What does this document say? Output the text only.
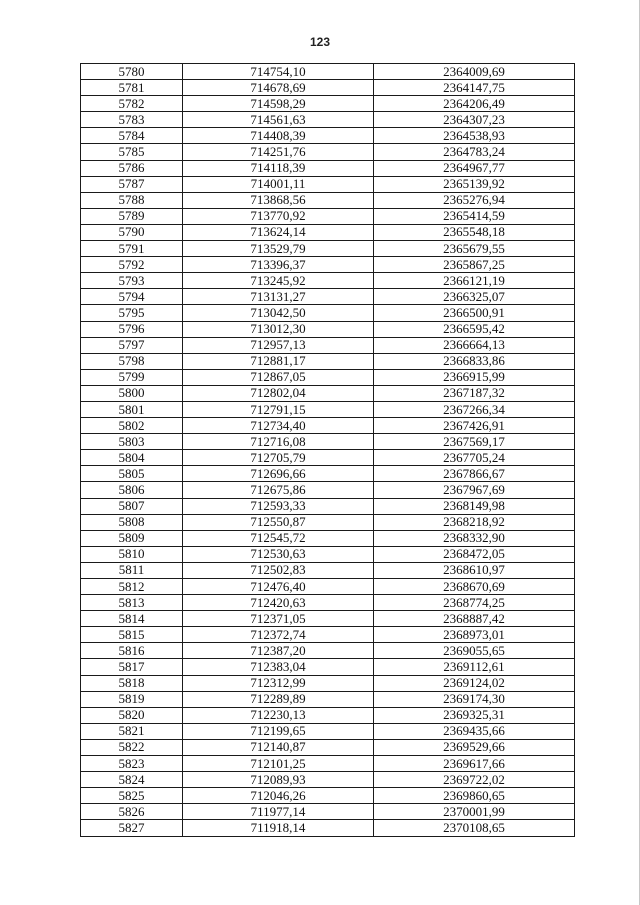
123
5780	714754,10	2364009,69
5781	714678,69	2364147,75
5782	714598,29	2364206,49
5783	714561,63	2364307,23
5784	714408,39	2364538,93
5785	714251,76	2364783,24
5786	714118,39	2364967,77
5787	714001,11	2365139,92
5788	713868,56	2365276,94
5789	713770,92	2365414,59
5790	713624,14	2365548,18
5791	713529,79	2365679,55
5792	713396,37	2365867,25
5793	713245,92	2366121,19
5794	713131,27	2366325,07
5795	713042,50	2366500,91
5796	713012,30	2366595,42
5797	712957,13	2366664,13
5798	712881,17	2366833,86
5799	712867,05	2366915,99
5800	712802,04	2367187,32
5801	712791,15	2367266,34
5802	712734,40	2367426,91
5803	712716,08	2367569,17
5804	712705,79	2367705,24
5805	712696,66	2367866,67
5806	712675,86	2367967,69
5807	712593,33	2368149,98
5808	712550,87	2368218,92
5809	712545,72	2368332,90
5810	712530,63	2368472,05
5811	712502,83	2368610,97
5812	712476,40	2368670,69
5813	712420,63	2368774,25
5814	712371,05	2368887,42
5815	712372,74	2368973,01
5816	712387,20	2369055,65
5817	712383,04	2369112,61
5818	712312,99	2369124,02
5819	712289,89	2369174,30
5820	712230,13	2369325,31
5821	712199,65	2369435,66
5822	712140,87	2369529,66
5823	712101,25	2369617,66
5824	712089,93	2369722,02
5825	712046,26	2369860,65
5826	711977,14	2370001,99
5827	711918,14	2370108,65
